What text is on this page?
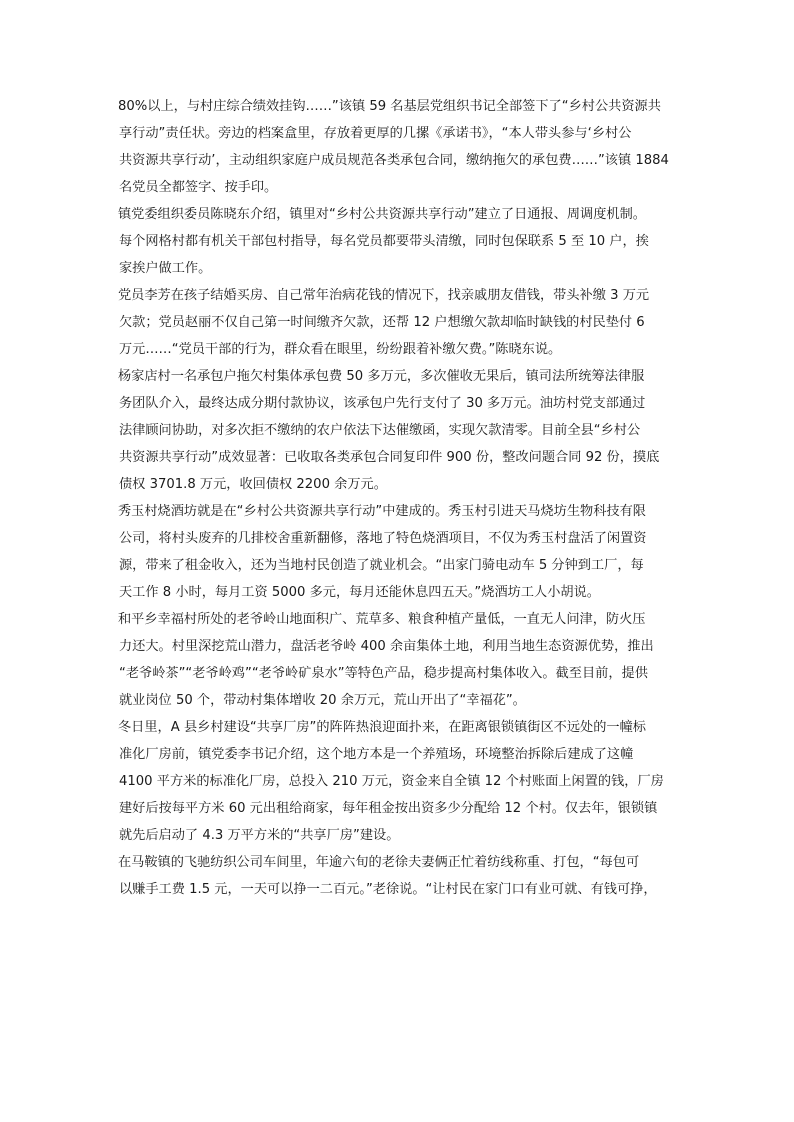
80%以上，与村庄综合绩效挂钩……”该镇 59 名基层党组织书记全部签下了“乡村公共资源共
享行动”责任状。旁边的档案盒里，存放着更厚的几摞《承诺书》，“本人带头参与‘乡村公
共资源共享行动’，主动组织家庭户成员规范各类承包合同，缴纳拖欠的承包费……”该镇 1884
名党员全都签字、按手印。
镇党委组织委员陈晓东介绍，镇里对“乡村公共资源共享行动”建立了日通报、周调度机制。
每个网格村都有机关干部包村指导，每名党员都要带头清缴，同时包保联系 5 至 10 户，挨
家挨户做工作。
党员李芳在孩子结婚买房、自己常年治病花钱的情况下，找亲戚朋友借钱，带头补缴 3 万元
欠款；党员赵丽不仅自己第一时间缴齐欠款，还帮 12 户想缴欠款却临时缺钱的村民垫付 6
万元……“党员干部的行为，群众看在眼里，纷纷跟着补缴欠费。”陈晓东说。
杨家店村一名承包户拖欠村集体承包费 50 多万元，多次催收无果后，镇司法所统筹法律服
务团队介入，最终达成分期付款协议，该承包户先行支付了 30 多万元。油坊村党支部通过
法律顾问协助，对多次拒不缴纳的农户依法下达催缴函，实现欠款清零。目前全县“乡村公
共资源共享行动”成效显著：已收取各类承包合同复印件 900 份，整改问题合同 92 份，摸底
债权 3701.8 万元，收回债权 2200 余万元。
秀玉村烧酒坊就是在“乡村公共资源共享行动”中建成的。秀玉村引进天马烧坊生物科技有限
公司，将村头废弃的几排校舍重新翻修，落地了特色烧酒项目，不仅为秀玉村盘活了闲置资
源，带来了租金收入，还为当地村民创造了就业机会。“出家门骑电动车 5 分钟到工厂，每
天工作 8 小时，每月工资 5000 多元，每月还能休息四五天。”烧酒坊工人小胡说。
和平乡幸福村所处的老爷岭山地面积广、荒草多、粮食种植产量低，一直无人问津，防火压
力还大。村里深挖荒山潜力，盘活老爷岭 400 余亩集体土地，利用当地生态资源优势，推出
“老爷岭茶”“老爷岭鸡”“老爷岭矿泉水”等特色产品，稳步提高村集体收入。截至目前，提供
就业岗位 50 个，带动村集体增收 20 余万元，荒山开出了“幸福花”。
冬日里，A 县乡村建设“共享厂房”的阵阵热浪迎面扑来，在距离银锁镇街区不远处的一幢标
准化厂房前，镇党委李书记介绍，这个地方本是一个养殖场，环境整治拆除后建成了这幢
4100 平方米的标准化厂房，总投入 210 万元，资金来自全镇 12 个村账面上闲置的钱，厂房
建好后按每平方米 60 元出租给商家，每年租金按出资多少分配给 12 个村。仅去年，银锁镇
就先后启动了 4.3 万平方米的“共享厂房”建设。
在马鞍镇的飞驰纺织公司车间里，年逾六旬的老徐夫妻俩正忙着纺线称重、打包，“每包可
以赚手工费 1.5 元，一天可以挣一二百元。”老徐说。“让村民在家门口有业可就、有钱可挣，
